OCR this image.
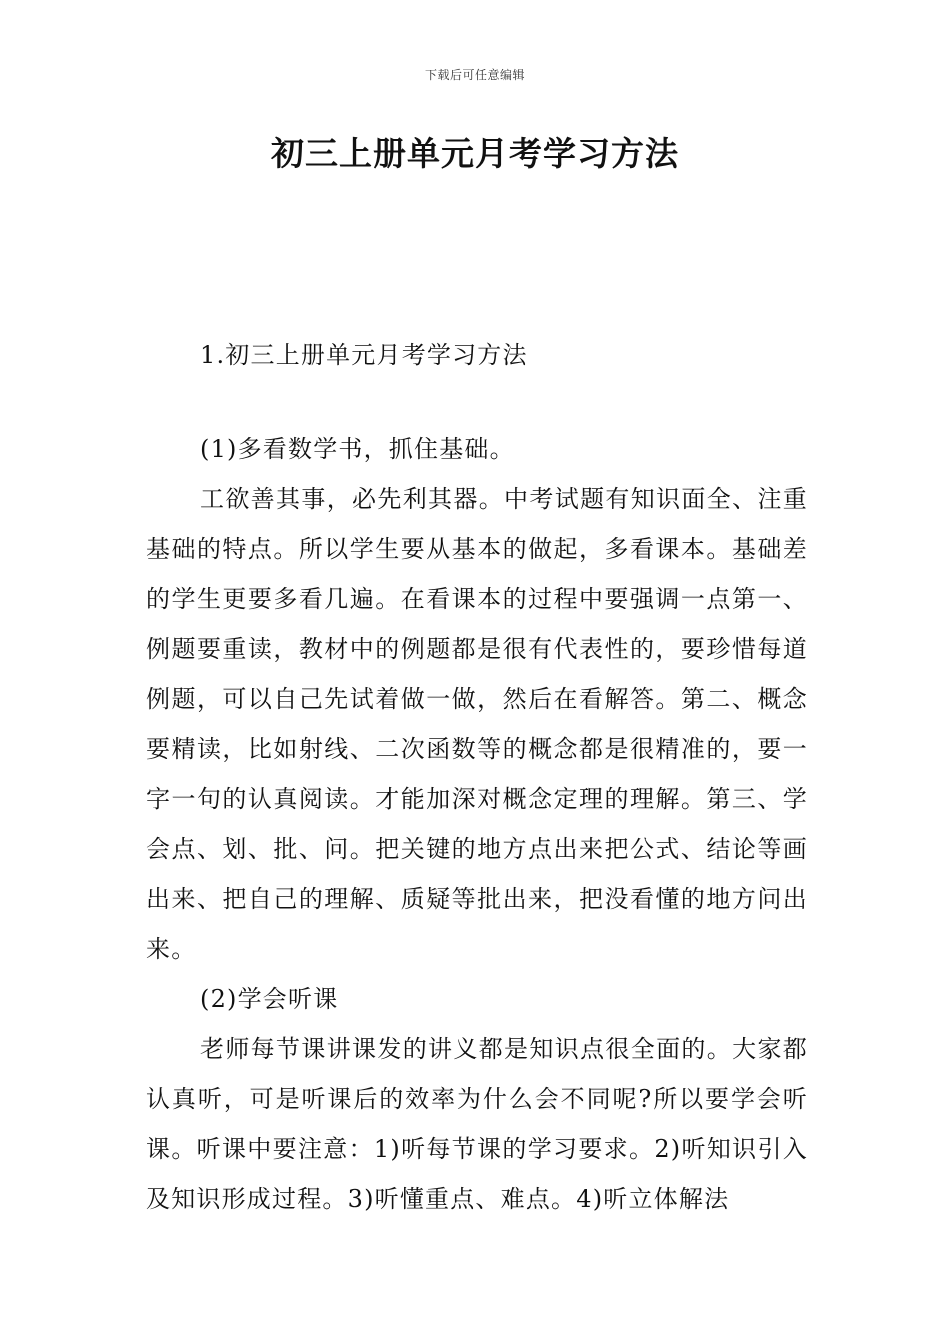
下载后可任意编辑
初三上册单元月考学习方法

1.初三上册单元月考学习方法

(1)多看数学书，抓住基础。

工欲善其事，必先利其器。中考试题有知识面全、注重基础的特点。所以学生要从基本的做起，多看课本。基础差的学生更要多看几遍。在看课本的过程中要强调一点第一、例题要重读，教材中的例题都是很有代表性的，要珍惜每道例题，可以自己先试着做一做，然后在看解答。第二、概念要精读，比如射线、二次函数等的概念都是很精准的，要一字一句的认真阅读。才能加深对概念定理的理解。第三、学会点、划、批、问。把关键的地方点出来把公式、结论等画出来、把自己的理解、质疑等批出来，把没看懂的地方问出来。

(2)学会听课

老师每节课讲课发的讲义都是知识点很全面的。大家都认真听，可是听课后的效率为什么会不同呢?所以要学会听课。听课中要注意：1)听每节课的学习要求。2)听知识引入及知识形成过程。3)听懂重点、难点。4)听立体解法
